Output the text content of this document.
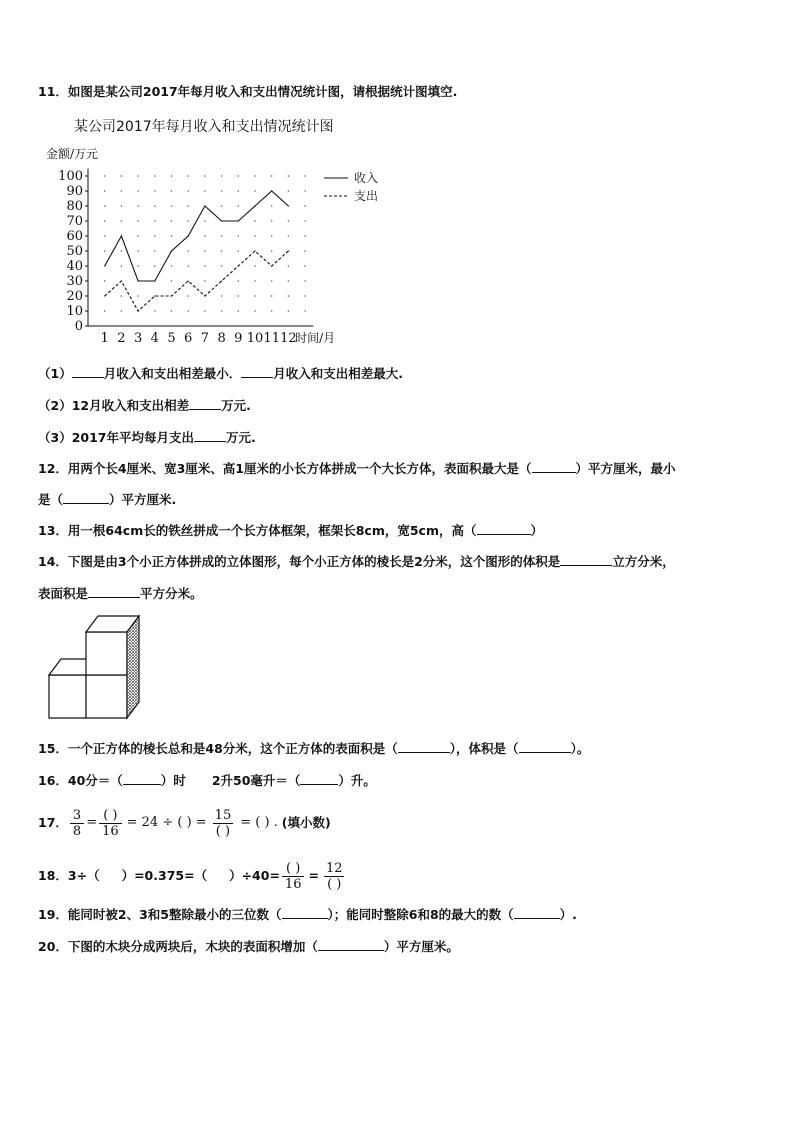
11．如图是某公司2017年每月收入和支出情况统计图，请根据统计图填空.
某公司2017年每月收入和支出情况统计图
0
10
20
30
40
50
60
70
80
90
100
1 2 3 4 5 6 7 8 9 10 11 12
金额/万元
时间/月
收入
支出
（1）	月收入和支出相差最小．	月收入和支出相差最大.
（2）12月收入和支出相差	万元.
（3）2017年平均每月支出	万元.
12．用两个长4厘米、宽3厘米、高1厘米的小长方体拼成一个大长方体，表面积最大是（	）平方厘米，最小
是（	）平方厘米.
13．用一根64cm长的铁丝拼成一个长方体框架，框架长8cm，宽5cm，高（	）
14．下图是由3个小正方体拼成的立体图形，每个小正方体的棱长是2分米，这个图形的体积是	立方分米，
表面积是	平方分米。
15．一个正方体的棱长总和是48分米，这个正方体的表面积是（	），体积是（	）。
16．40分＝（	）时 2升50毫升＝（	）升。
17． $\frac{3}{8} = \frac{( )}{16} = 24$ ÷ ( ) = $\frac{15}{( )}$ = ( ) . (填小数)
18．3÷（ ）=0.375=（ ）$\div 40= \frac{( )}{16} = \frac{12}{( )}$
19．能同时被2、3和5整除最小的三位数（	）；能同时整除6和8的最大的数（	）.
20．下图的木块分成两块后，木块的表面积增加（	）平方厘米。
